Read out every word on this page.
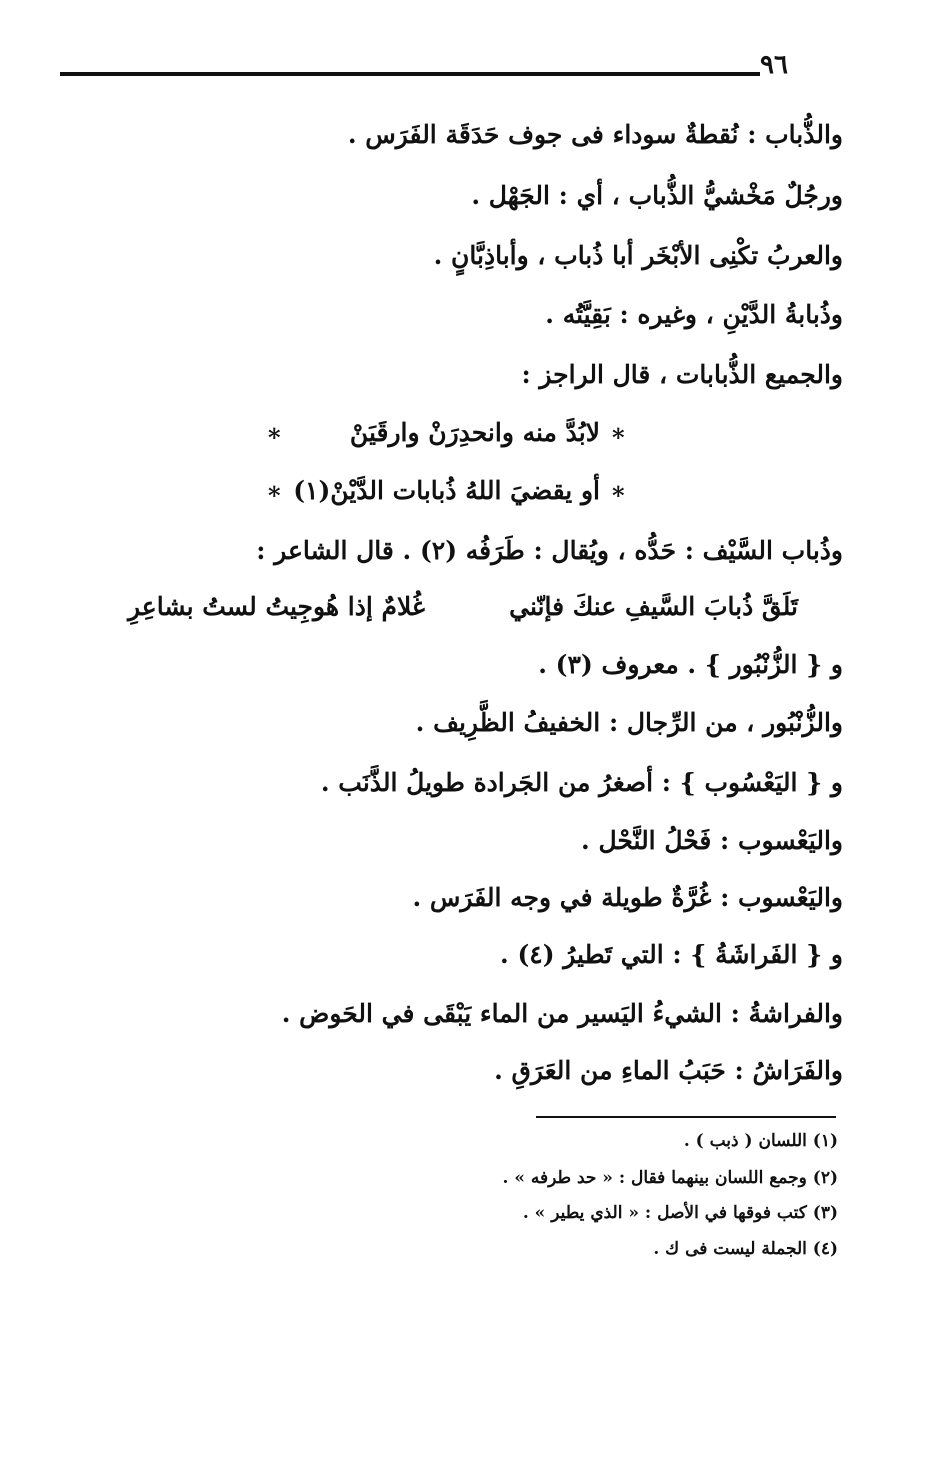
٩٦
والذُّباب : نُقطةٌ سوداء فى جوف حَدَقَة الفَرَس .
ورجُلٌ مَخْشيُّ الذُّباب ، أي : الجَهْل .
والعربُ تكْنِى الأبْخَر أبا ذُباب ، وأباذِبَّانٍ .
وذُبابةُ الدَّيْنِ ، وغيره : بَقِيَّتُه .
والجميع الذُّبابات ، قال الراجز :
*
لابُدَّ منه وانحدِرَنْ وارقَيَنْ
*
*
أو يقضيَ اللهُ ذُبابات الدَّيْنْ(١)
*
وذُباب السَّيْف : حَدُّه ، ويُقال : طَرَفُه (٢) . قال الشاعر :
تَلَقَّ ذُبابَ السَّيفِ عنكَ فإنّني
غُلامٌ إذا هُوجِيتُ لستُ بشاعِرِ
و { الزُّنْبُور } . معروف (٣) .
والزُّنْبُور ، من الرِّجال : الخفيفُ الظَّرِيف .
و { اليَعْسُوب } : أصغرُ من الجَرادة طويلُ الذَّنَب .
واليَعْسوب : فَحْلُ النَّحْل .
واليَعْسوب : غُرَّةٌ طويلة في وجه الفَرَس .
و { الفَراشَةُ } : التي تَطيرُ (٤) .
والفراشةُ : الشيءُ اليَسير من الماء يَبْقَى في الحَوض .
والفَرَاشُ : حَبَبُ الماءِ من العَرَقِ .
(١) اللسان ( ذبب ) .
(٢) وجمع اللسان بينهما فقال : « حد طرفه » .
(٣) كتب فوقها في الأصل : « الذي يطير » .
(٤) الجملة ليست فى ك .
